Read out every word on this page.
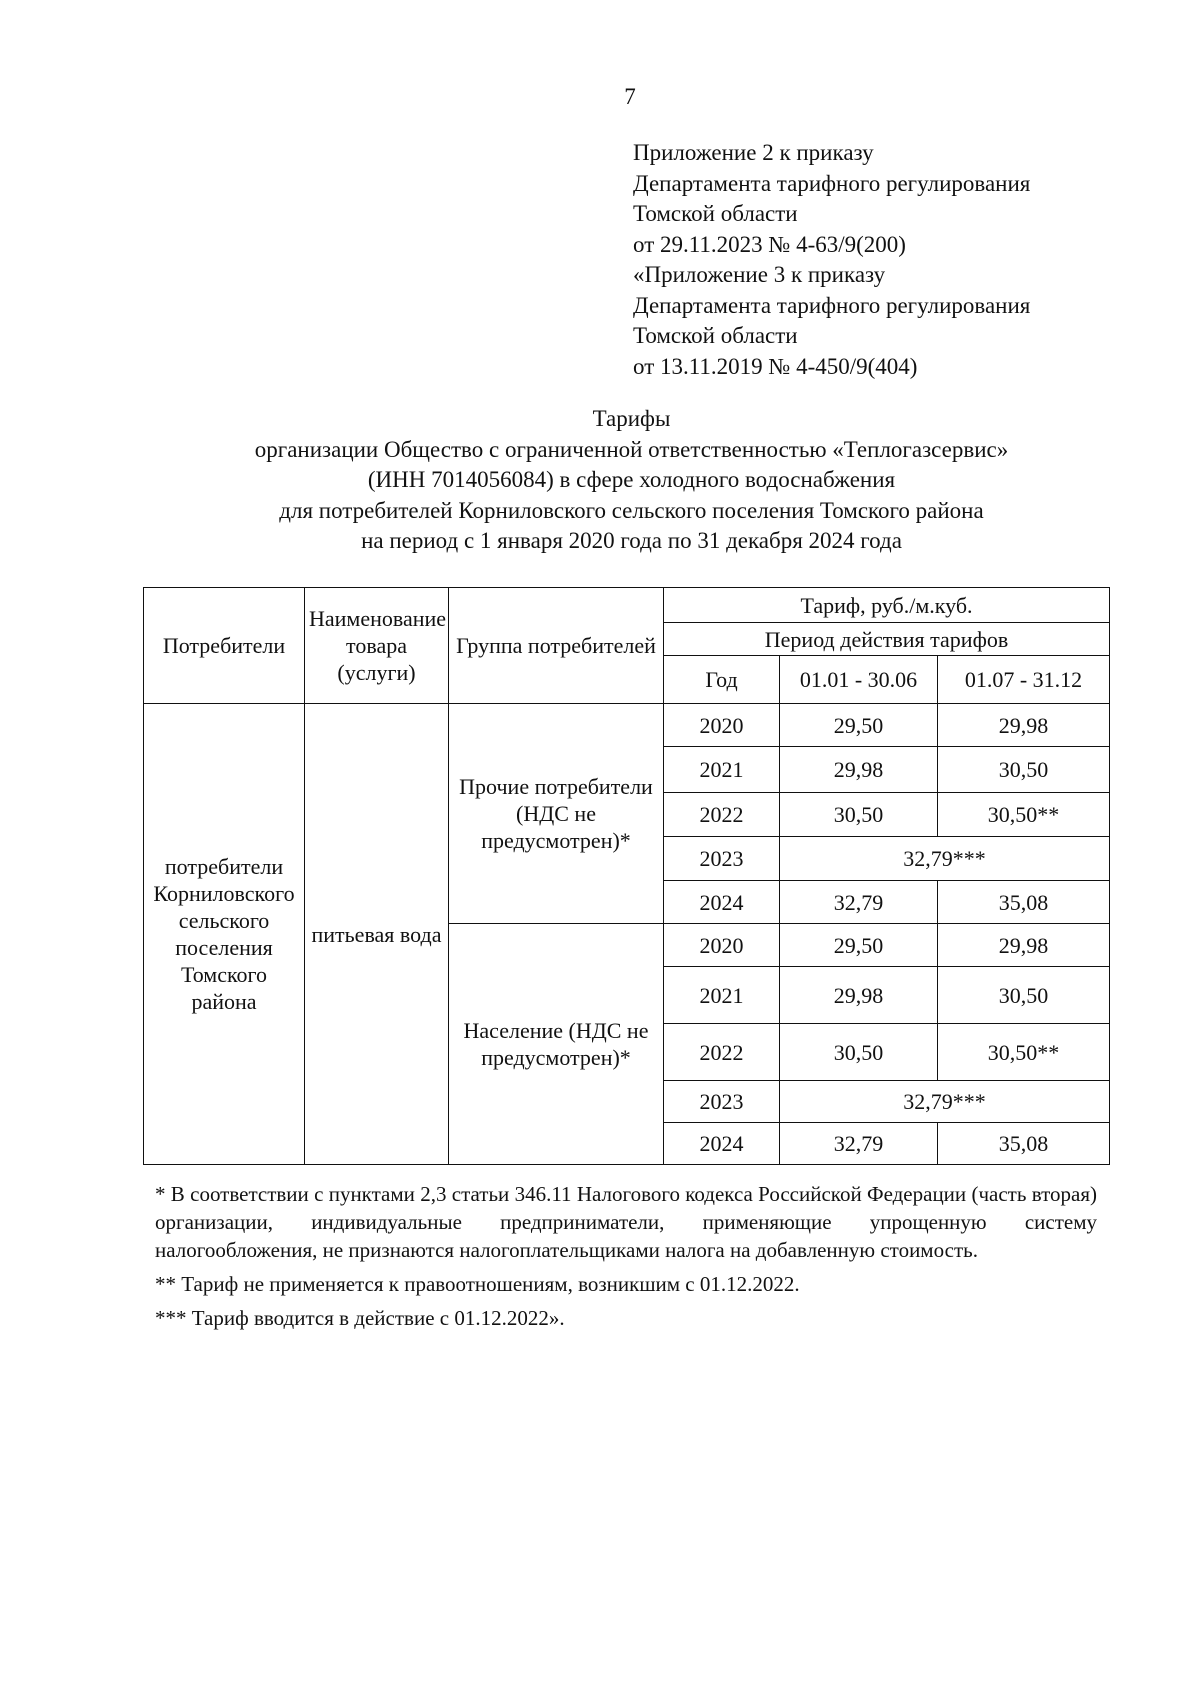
7
Приложение 2 к приказу
Департамента тарифного регулирования
Томской области
от 29.11.2023 № 4-63/9(200)
«Приложение 3 к приказу
Департамента тарифного регулирования
Томской области
от 13.11.2019 № 4-450/9(404)
Тарифы
организации Общество с ограниченной ответственностью «Теплогазсервис»
(ИНН 7014056084) в сфере холодного водоснабжения
для потребителей Корниловского сельского поселения Томского района
на период с 1 января 2020 года по 31 декабря 2024 года
Потребители	Наименование товара (услуги)	Группа потребителей	Тариф, руб./м.куб.		
			Период действия тарифов		
			Год	01.01 - 30.06	01.07 - 31.12
потребители Корниловского сельского поселения Томского района	питьевая вода	Прочие потребители (НДС не предусмотрен)*	2020	29,50	29,98
			2021	29,98	30,50
			2022	30,50	30,50**
			2023	32,79***	
			2024	32,79	35,08
		Население (НДС не предусмотрен)*	2020	29,50	29,98
			2021	29,98	30,50
			2022	30,50	30,50**
			2023	32,79***	
			2024	32,79	35,08

* В соответствии с пунктами 2,3 статьи 346.11 Налогового кодекса Российской Федерации (часть вторая) организации, индивидуальные предприниматели, применяющие упрощенную систему налогообложения, не признаются налогоплательщиками налога на добавленную стоимость.

** Тариф не применяется к правоотношениям, возникшим с 01.12.2022.

*** Тариф вводится в действие с 01.12.2022».
